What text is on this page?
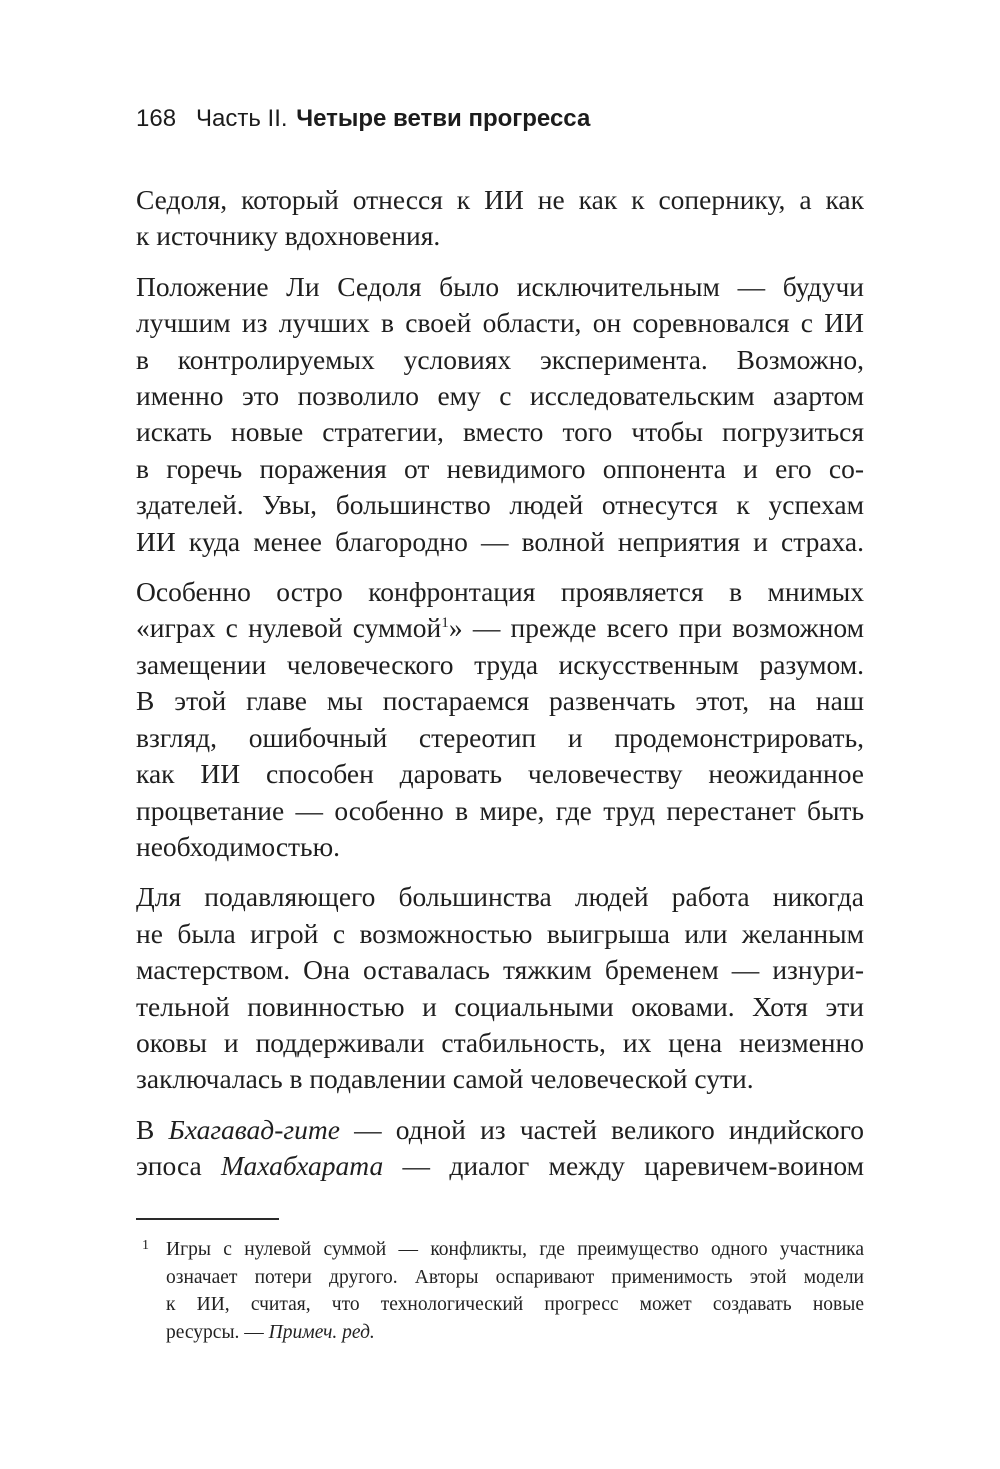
168 Часть II. Четыре ветви прогресса

Седоля, который отнесся к ИИ не как к сопернику, а как
к источнику вдохновения.

Положение Ли Седоля было исключительным — будучи
лучшим из лучших в своей области, он соревновался с ИИ
в контролируемых условиях эксперимента. Возможно,
именно это позволило ему с исследовательским азартом
искать новые стратегии, вместо того чтобы погрузиться
в горечь поражения от невидимого оппонента и его со-
здателей. Увы, большинство людей отнесутся к успехам
ИИ куда менее благородно — волной неприятия и страха.

Особенно остро конфронтация проявляется в мнимых
«играх с нулевой суммой$^1$» — прежде всего при возможном
замещении человеческого труда искусственным разумом.
В этой главе мы постараемся развенчать этот, на наш
взгляд, ошибочный стереотип и продемонстрировать,
как ИИ способен даровать человечеству неожиданное
процветание — особенно в мире, где труд перестанет быть
необходимостью.

Для подавляющего большинства людей работа никогда
не была игрой с возможностью выигрыша или желанным
мастерством. Она оставалась тяжким бременем — изнури-
тельной повинностью и социальными оковами. Хотя эти
оковы и поддерживали стабильность, их цена неизменно
заключалась в подавлении самой человеческой сути.

В Бхагавад-гите — одной из частей великого индийского
эпоса Махабхарата — диалог между царевичем-воином

1 Игры с нулевой суммой — конфликты, где преимущество одного участника
означает потери другого. Авторы оспаривают применимость этой модели
к ИИ, считая, что технологический прогресс может создавать новые
ресурсы. — Примеч. ред.
